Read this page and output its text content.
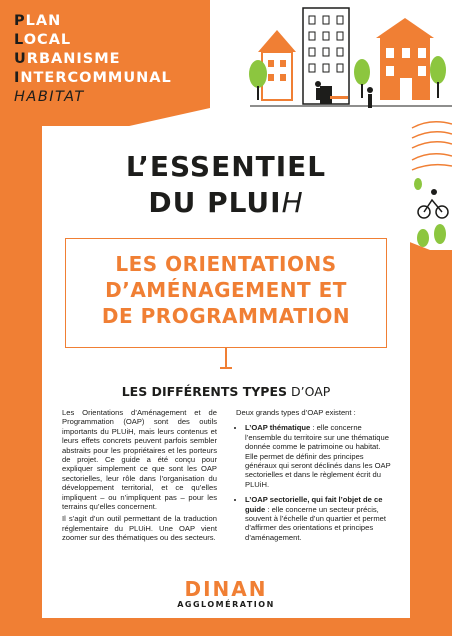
PLAN
LOCAL
URBANISME
INTERCOMMUNAL
HABITAT
L’ESSENTIEL
DU PLUIH
LES ORIENTATIONS
D’AMÉNAGEMENT ET
DE PROGRAMMATION
LES DIFFÉRENTS TYPES D’OAP

Les Orientations d’Aménagement et de Programmation (OAP) sont des outils importants du PLUiH, mais leurs contenus et leurs effets concrets peuvent parfois sembler abstraits pour les propriétaires et les porteurs de projet. Ce guide a été conçu pour expliquer simplement ce que sont les OAP sectorielles, leur rôle dans l’organisation du développement territorial, et ce qu’elles impliquent – ou n’impliquent pas – pour les terrains qu’elles concernent.

Il s’agit d’un outil permettant de la traduction réglementaire du PLUiH. Une OAP vient zoomer sur des thématiques ou des secteurs.

Deux grands types d’OAP existent :

• L’OAP thématique : elle concerne l’ensemble du territoire sur une thématique donnée comme le patrimoine ou habitat. Elle permet de définir des principes généraux qui seront déclinés dans les OAP sectorielles et dans le règlement écrit du PLUiH.
• L’OAP sectorielle, qui fait l’objet de ce guide : elle concerne un secteur précis, souvent à l’échelle d’un quartier et permet d’affirmer des orientations et principes d’aménagement.
DINAN
AGGLOMÉRATION
